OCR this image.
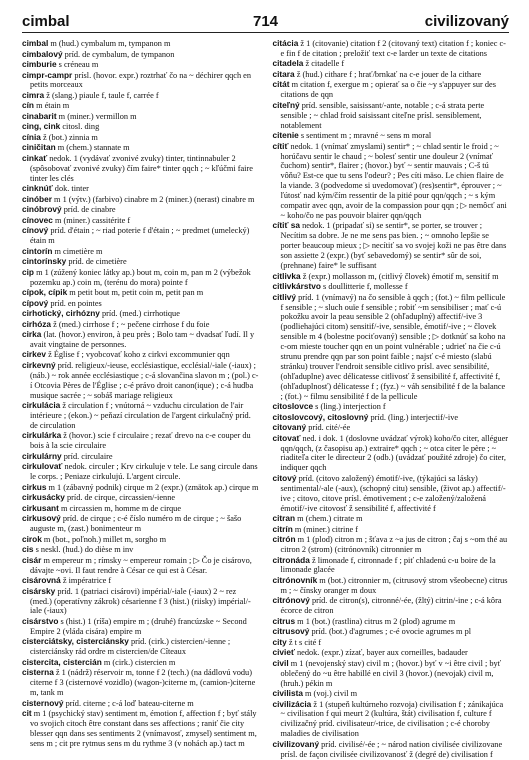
cimbal	714	civilizovaný

cimbal m (hud.) cymbalum m, tympanon m

cimbalový príd. de cymbalum, de tympanon

cimburie s créneau m

cimpr-campr prísl. (hovor. expr.) roztrhať čo na ~ déchirer qqch en petits morceaux

cimra ž (slang.) piaule f, taule f, carrée f

cín m étain m

cinabarit m (miner.) vermillon m

cing, cink citosl. ding

cínia ž (bot.) zinnia m

ciničitan m (chem.) stannate m

cinkať nedok. 1 (vydávať zvonivé zvuky) tinter, tintinnabuler 2 (spôsobovať zvonivé zvuky) čím faire* tinter qqch ; ~ kľúčmi faire tinter les clés

cinknúť dok. tinter

cinóber m 1 (výtv.) (farbivo) cinabre m 2 (miner.) (nerast) cinabre m

cinóbrový príd. de cinabre

cínovec m (miner.) cassitérite f

cínový príd. d'étain ; ~ riad poterie f d'étain ; ~ predmet (umelecký) étain m

cintorín m cimetière m

cintorínsky príd. de cimetière

cip m 1 (zúžený koniec látky ap.) bout m, coin m, pan m 2 (výbežok pozemku ap.) coin m, (terénu do mora) pointe f

cípok, cípik m petit bout m, petit coin m, petit pan m

cípový príd. en pointes

cirhotický, cirhózny príd. (med.) cirrhotique

cirhóza ž (med.) cirrhose f ; ~ pečene cirrhose f du foie

cirka (lat. (hovor.) environ, à peu près ; Bolo tam ~ dvadsať ľudí. Il y avait vingtaine de personnes.

cirkev ž Église f ; vyobcovať koho z cirkvi excommunier qqn

cirkevný príd. religieux/-ieuse, ecclésiastique, ecclésial/-iale (-iaux) ; (náb.) ~ rok année ecclésiastique ; c-á slovančina slavon m ; (pol.) c-í Otcovia Pères de l'Église ; c-é právo droit canon(ique) ; c-á hudba musique sacrée ; ~ sobáš mariage religieux

cirkulácia ž circulation f ; vnútorná ~ vzduchu circulation de l'air intérieure ; (ekon.) ~ peňazí circulation de l'argent cirkulačný príd. de circulation

cirkulárka ž (hovor.) scie f circulaire ; rezať drevo na c-e couper du bois à la scie circulaire

cirkulárny príd. circulaire

cirkulovať nedok. circuler ; Krv cirkuluje v tele. Le sang circule dans le corps. ; Peniaze cirkulujú. L'argent circule.

cirkus m 1 (zábavný podnik) cirque m 2 (expr.) (zmätok ap.) cirque m

cirkusácky príd. de cirque, circassien/-ienne

cirkusant m circassien m, homme m de cirque

cirkusový príd. de cirque ; c-é číslo numéro m de cirque ; ~ šašo auguste m, (zast.) bonimenteur m

cirok m (bot., poľnoh.) millet m, sorgho m

cis s neskl. (hud.) do dièse m inv

cisár m empereur m ; rímsky ~ empereur romain ; ▷ Čo je cisárovo, dávajte ~ovi. Il faut rendre à César ce qui est à César.

cisárovná ž impératrice f

cisársky príd. 1 (patriaci cisárovi) impérial/-iale (-iaux) 2 ~ rez (med.) (operatívny zákrok) césarienne f 3 (hist.) (riisky) impérial/-iale (-iaux)

cisárstvo s (hist.) 1 (ríša) empire m ; (druhé) francúzske ~ Second Empire 2 (vláda cisára) empire m

cisterciátsky, cisterciánsky príd. (cirk.) cistercien/-ienne ; cisterciánsky rád ordre m cistercien/de Cîteaux

cistercita, cistercián m (cirk.) cistercien m

cisterna ž 1 (nádrž) réservoir m, tonne f 2 (tech.) (na dádlovú vodu) citerne f 3 (cisternové vozidlo) (wagon-)citerne m, (camion-)citerne m, tank m

cisternový príd. citerne ; c-á loď bateau-citerne m

cit m 1 (psychický stav) sentiment m, émotion f, affection f ; byť stály vo svojich citoch être constant dans ses affections ; raniť čie city blesser qqn dans ses sentiments 2 (vnímavosť, zmysel) sentiment m, sens m ; cit pre rytmus sens m du rythme 3 (v nohách ap.) tact m

citácia ž 1 (citovanie) citation f 2 (citovaný text) citation f ; koniec c-e fin f de citation ; preložiť text c-e larder un texte de citations

citadela ž citadelle f

citara ž (hud.) cithare f ; hrať/brnkať na c-e jouer de la cithare

citát m citation f, exergue m ; opierať sa o čie ~y s'appuyer sur des citations de qqn

citeľný príd. sensible, saisissant/-ante, notable ; c-á strata perte sensible ; ~ chlad froid saisissant citeľne prísl. sensiblement, notablement

citenie s sentiment m ; mravné ~ sens m moral

cítiť nedok. 1 (vnímať zmyslami) sentir* ; ~ chlad sentir le froid ; ~ horúčavu sentir le chaud ; ~ bolesť sentir une douleur 2 (vnímať čuchom) sentir*, flairer ; (hovor.) byť ~ sentir mauvais ; C-š tú vôňu? Est-ce que tu sens l'odeur? ; Pes cíti mäso. Le chien flaire de la viande. 3 (podvedome si uvedomovať) (res)sentir*, éprouver ; ~ ľútosť nad kým/čím ressentir de la pitié pour qqn/qqch ; ~ s kým compatir avec qqn, avoir de la compassion pour qqn ; ▷ nemôcť ani ~ koho/čo ne pas pouvoir blairer qqn/qqch

cítiť sa nedok. 1 (pripadať si) se sentir*, se porter, se trouver ; Necítim sa dobre. Je ne me sens pas bien. ; ~ omnoho lepšie se porter beaucoup mieux ; ▷ necítiť sa vo svojej koži ne pas être dans son assiette 2 (expr.) (byť sebavedomý) se sentir* sûr de soi, (prehnane) faire* le suffisant

citlivka ž (expr.) mollasson m, (citlivý človek) émotif m, sensitif m

citlivkárstvo s doullitterie f, mollesse f

citlivý príd. 1 (vnímavý) na čo sensible à qqch ; (fot.) ~ film pellicule f sensible ; ~ sluch ouïe f sensible ; robiť ~m sensibiliser ; mať c-ú pokožku avoir la peau sensible 2 (ohľaduplný) affectif/-ive 3 (podliehajúci citom) sensitif/-ive, sensible, émotif/-ive ; ~ človek sensible m 4 (bolestne pociťovaný) sensible ; ▷ dotknúť sa koho na c-om mieste toucher qqn en un point vulnérable ; udrieť na čie c-ú strunu prendre qqn par son point faible ; najsť c-é miesto (slabú stránku) trouver l'endroit sensible citlivo prísl. avec sensibilité, (ohľaduplne) avec délicatesse citlivosť ž sensibilité f, affectivité f, (ohľaduplnosť) délicatesse f ; (fyz.) ~ váh sensibilité f de la balance ; (fot.) ~ filmu sensibilité f de la pellicule

citoslovce s (ling.) interjection f

citoslovcový, citoslovný príd. (ling.) interjectif/-ive

citovaný príd. cité/-ée

citovať ned. i dok. 1 (doslovne uvádzať výrok) koho/čo citer, alléguer qqn/qqch, (z časopisu ap.) extraire* qqch ; ~ otca citer le père ; ~ riaditeľa citer le directeur 2 (odb.) (uvádzať použité zdroje) čo citer, indiquer qqch

citový príd. (citovo založený) émotif/-ive, (týkajúci sa lásky) sentimental/-ale (-aux), (schopný citu) sensible, (život ap.) affectif/-ive ; citovo, citove prísl. émotivement ; c-e založený/založená émotif/-ive citovosť ž sensibilité f, affectivité f

citran m (chem.) citrate m

citrín m (miner.) citrine f

citrón m 1 (plod) citron m ; šťava z ~a jus de citron ; čaj s ~om thé au citron 2 (strom) (citrónovník) citronnier m

citronáda ž limonade f, citronnade f ; piť chladenú c-u boire de la limonade glacée

citrónovník m (bot.) citronnier m, (citrusový strom všeobecne) citrus m ; ~ čínsky oranger m doux

citrónový príd. de citron(s), citronné/-ée, (žltý) citrin/-ine ; c-á kôra écorce de citron

citrus m 1 (bot.) (rastlina) citrus m 2 (plod) agrume m

citrusový príd. (bot.) d'agrumes ; c-é ovocie agrumes m pl

city ž t s cité f

civieť nedok. (expr.) zízať, bayer aux corneilles, badauder

civil m 1 (nevojenský stav) civil m ; (hovor.) byť v ~i être civil ; byť oblečený do ~u être habillé en civil 3 (hovor.) (nevojak) civil m, (hruh.) pékin m

civilista m (voj.) civil m

civilizácia ž 1 (stupeň kultúrneho rozvoja) civilisation f ; zánikajúca ~ civilisation f qui meurt 2 (kultúra, štát) civilisation f, culture f civilizačný príd. civilisateur/-trice, de civilisation ; c-é choroby maladies de civilisation

civilizovaný príd. civilisé/-ée ; ~ národ nation civilisée civilizovane prísl. de façon civilisée civilizovanosť ž (degré de) civilisation f
